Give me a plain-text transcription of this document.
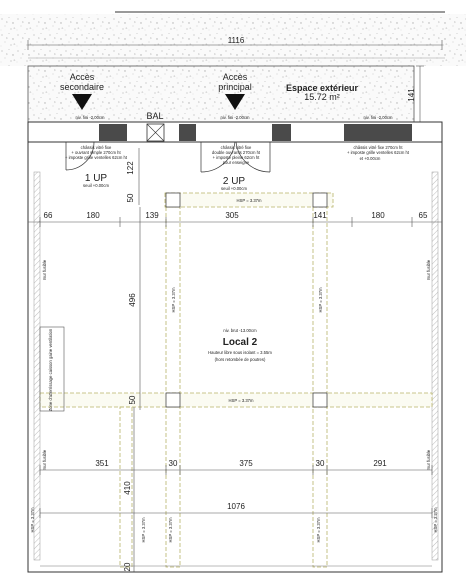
1116
141
Accès
secondaire
Accès
principal	Espace extérieur
15.72 m²
niv. fini -2.00cm	niv. fini -2.00cm	niv. fini -2.00cm
BAL
châssis vitré fixe
+ ouvrant simple 270cm ht
+ imposte grille ventelles 62cm ht
châssis vitré fixe
double ouvrants 270cm ht
+ imposte pleine 62cm ht
pour enseigne
châssis vitré fixe 270cm ht
+ imposte grille ventelles 62cm ht
et +0.00cm
1 UP
seuil +0.00cm	2 UP
seuil +0.00cm
122
50	HSP = 3.37m
HSP = 3.37m
HSP = 3.37m	HSP = 3.37m
HSP = 3.37m	HSP = 3.37m	HSP = 3.37m
HSP = 3.37m	HSP = 3.37m
66	180	139	305	141	180	65
496
50
mur fusible	mur fusible
mur fusible	mur fusible
Zone d'atterrissage caisson gaine ventilation	niv. brut -13.00cm
Local 2
Hauteur libre sous isolant = 3.55m
(hors retombée de poutres)
351	30	375	30	291
410
20
1076
